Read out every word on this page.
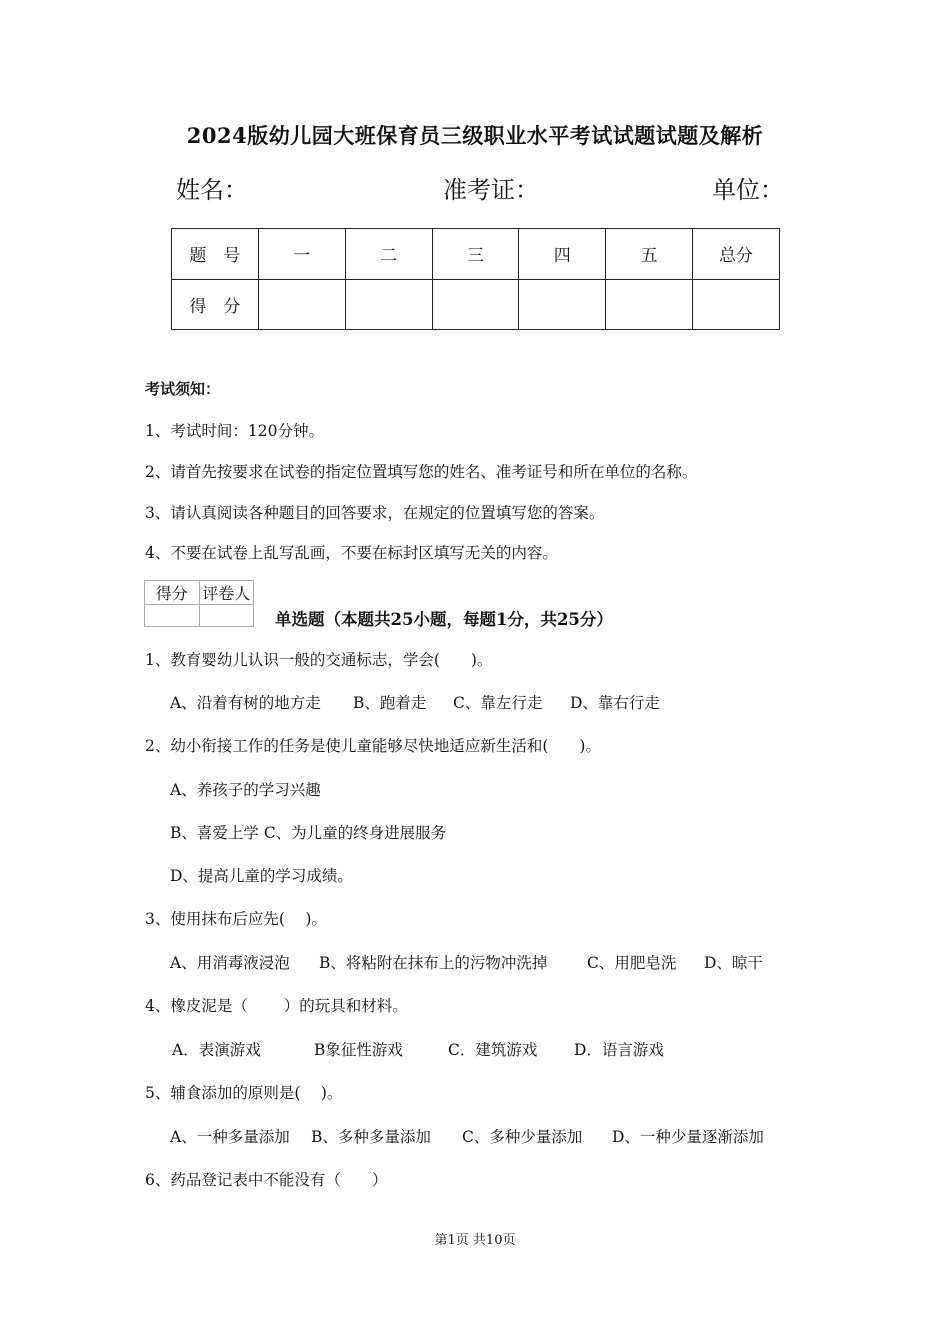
2024版幼儿园大班保育员三级职业水平考试试题试题及解析
姓名：	准考证：	单位：
题　号	一	二	三	四	五	总分
得　分						
考试须知：
1、考试时间：120分钟。
2、请首先按要求在试卷的指定位置填写您的姓名、准考证号和所在单位的名称。
3、请认真阅读各种题目的回答要求，在规定的位置填写您的答案。
4、不要在试卷上乱写乱画，不要在标封区填写无关的内容。
得分	评卷人

单选题（本题共25小题，每题1分，共25分）
1、教育婴幼儿认识一般的交通标志，学会(　　)。
A、沿着有树的地方走 B、跑着走 C、靠左行走 D、靠右行走
2、幼小衔接工作的任务是使儿童能够尽快地适应新生活和(　　)。
A、养孩子的学习兴趣
B、喜爱上学 C、为儿童的终身进展服务
D、提高儿童的学习成绩。
3、使用抹布后应先(　 )。
A、用消毒液浸泡 B、将粘附在抹布上的污物冲洗掉	C、用肥皂洗 D、晾干
4、橡皮泥是（　　 ）的玩具和材料。
A．表演游戏	B象征性游戏	C．建筑游戏 D．语言游戏
5、辅食添加的原则是(　 )。
A、一种多量添加 B、多种多量添加 C、多种少量添加 D、一种少量逐渐添加
6、药品登记表中不能没有（　　）
第1页 共10页
